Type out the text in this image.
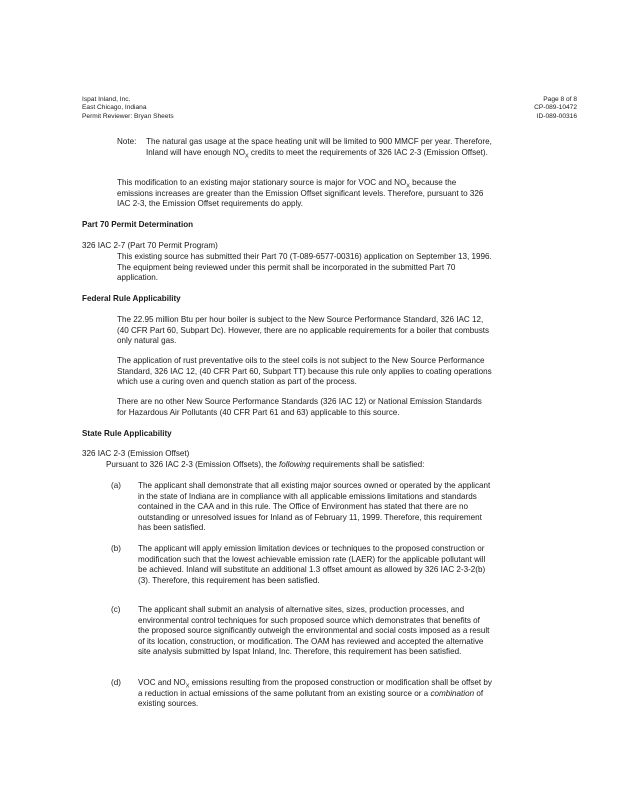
Ispat Inland, Inc.
East Chicago, Indiana
Permit Reviewer: Bryan Sheets
Page 8 of 8
CP-089-10472
ID-089-00316
Note: The natural gas usage at the space heating unit will be limited to 900 MMCF per year. Therefore, Inland will have enough $NO_X$ credits to meet the requirements of 326 IAC 2-3 (Emission Offset).
This modification to an existing major stationary source is major for VOC and $NO_X$ because the emissions increases are greater than the Emission Offset significant levels. Therefore, pursuant to 326 IAC 2-3, the Emission Offset requirements do apply.
Part 70 Permit Determination
326 IAC 2-7 (Part 70 Permit Program)
This existing source has submitted their Part 70 (T-089-6577-00316) application on September 13, 1996. The equipment being reviewed under this permit shall be incorporated in the submitted Part 70 application.
Federal Rule Applicability
The 22.95 million Btu per hour boiler is subject to the New Source Performance Standard, 326 IAC 12, (40 CFR Part 60, Subpart Dc). However, there are no applicable requirements for a boiler that combusts only natural gas.
The application of rust preventative oils to the steel coils is not subject to the New Source Performance Standard, 326 IAC 12, (40 CFR Part 60, Subpart TT) because this rule only applies to coating operations which use a curing oven and quench station as part of the process.
There are no other New Source Performance Standards (326 IAC 12) or National Emission Standards for Hazardous Air Pollutants (40 CFR Part 61 and 63) applicable to this source.
State Rule Applicability
326 IAC 2-3 (Emission Offset)
Pursuant to 326 IAC 2-3 (Emission Offsets), the following requirements shall be satisfied:
(a) The applicant shall demonstrate that all existing major sources owned or operated by the applicant in the state of Indiana are in compliance with all applicable emissions limitations and standards contained in the CAA and in this rule. The Office of Environment has stated that there are no outstanding or unresolved issues for Inland as of February 11, 1999. Therefore, this requirement has been satisfied.
(b) The applicant will apply emission limitation devices or techniques to the proposed construction or modification such that the lowest achievable emission rate (LAER) for the applicable pollutant will be achieved. Inland will substitute an additional 1.3 offset amount as allowed by 326 IAC 2-3-2(b)(3). Therefore, this requirement has been satisfied.
(c) The applicant shall submit an analysis of alternative sites, sizes, production processes, and environmental control techniques for such proposed source which demonstrates that benefits of the proposed source significantly outweigh the environmental and social costs imposed as a result of its location, construction, or modification. The OAM has reviewed and accepted the alternative site analysis submitted by Ispat Inland, Inc. Therefore, this requirement has been satisfied.
(d) VOC and $NO_X$ emissions resulting from the proposed construction or modification shall be offset by a reduction in actual emissions of the same pollutant from an existing source or a combination of existing sources.
